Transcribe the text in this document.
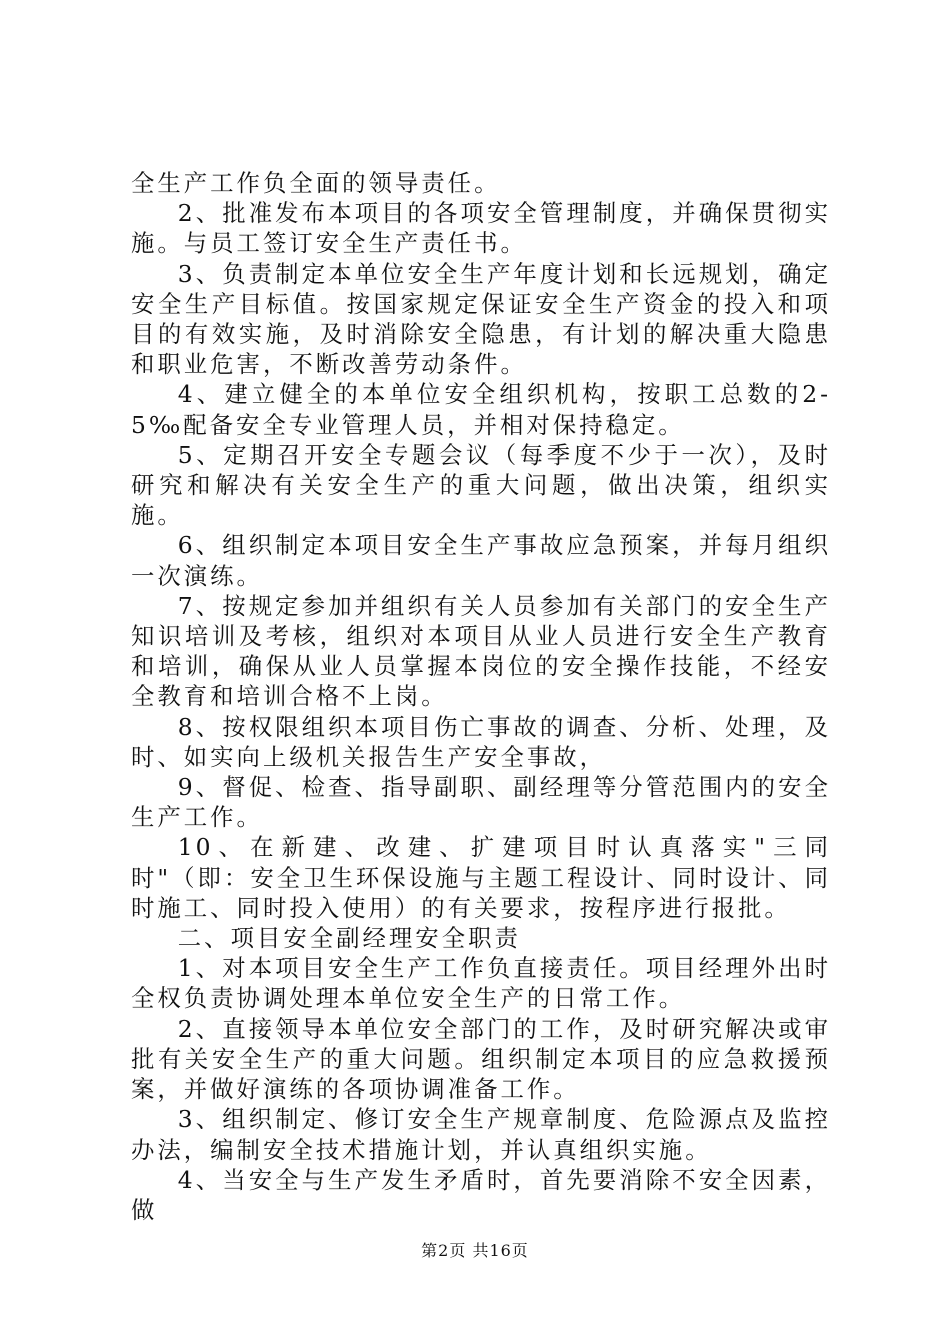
全生产工作负全面的领导责任。

2、批准发布本项目的各项安全管理制度，并确保贯彻实施。与员工签订安全生产责任书。

3、负责制定本单位安全生产年度计划和长远规划，确定安全生产目标值。按国家规定保证安全生产资金的投入和项目的有效实施，及时消除安全隐患，有计划的解决重大隐患和职业危害，不断改善劳动条件。

4、建立健全的本单位安全组织机构，按职工总数的2-5‰配备安全专业管理人员，并相对保持稳定。

5、定期召开安全专题会议（每季度不少于一次），及时研究和解决有关安全生产的重大问题，做出决策，组织实施。

6、组织制定本项目安全生产事故应急预案，并每月组织一次演练。

7、按规定参加并组织有关人员参加有关部门的安全生产知识培训及考核，组织对本项目从业人员进行安全生产教育和培训，确保从业人员掌握本岗位的安全操作技能，不经安全教育和培训合格不上岗。

8、按权限组织本项目伤亡事故的调查、分析、处理，及时、如实向上级机关报告生产安全事故，

9、督促、检查、指导副职、副经理等分管范围内的安全生产工作。

10、在新建、改建、扩建项目时认真落实"三同时"（即：安全卫生环保设施与主题工程设计、同时设计、同时施工、同时投入使用）的有关要求，按程序进行报批。

二、项目安全副经理安全职责

1、对本项目安全生产工作负直接责任。项目经理外出时全权负责协调处理本单位安全生产的日常工作。

2、直接领导本单位安全部门的工作，及时研究解决或审批有关安全生产的重大问题。组织制定本项目的应急救援预案，并做好演练的各项协调准备工作。

3、组织制定、修订安全生产规章制度、危险源点及监控办法，编制安全技术措施计划，并认真组织实施。

4、当安全与生产发生矛盾时，首先要消除不安全因素，做

第2页 共16页
